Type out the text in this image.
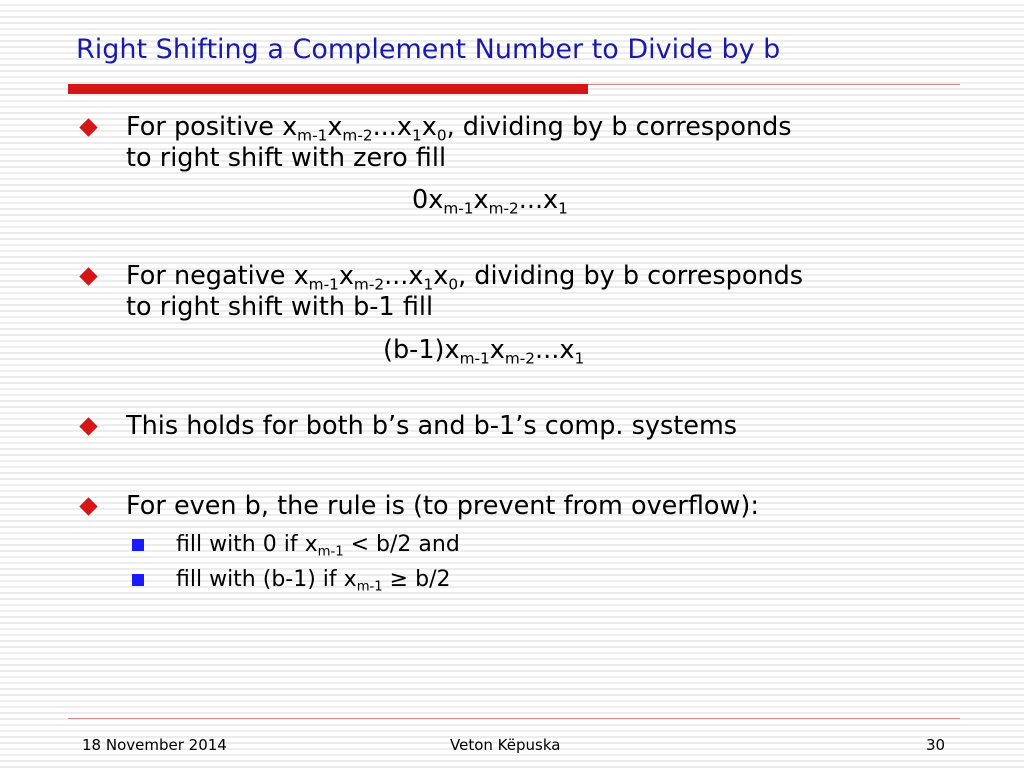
Right Shifting a Complement Number to Divide by b
For positive $x_{m-1}x_{m-2}...x_1x_0$, dividing by b corresponds
to right shift with zero fill
$0x_{m-1}x_{m-2}...x_1$
For negative $x_{m-1}x_{m-2}...x_1x_0$, dividing by b corresponds
to right shift with b-1 fill
$(b-1)x_{m-1}x_{m-2}...x_1$
This holds for both b’s and b-1’s comp. systems
For even b, the rule is (to prevent from overflow):
fill with 0 if $x_{m-1} < b/2$ and
fill with (b-1) if $x_{m-1} \ge b/2$
18 November 2014	Veton Këpuska	30
